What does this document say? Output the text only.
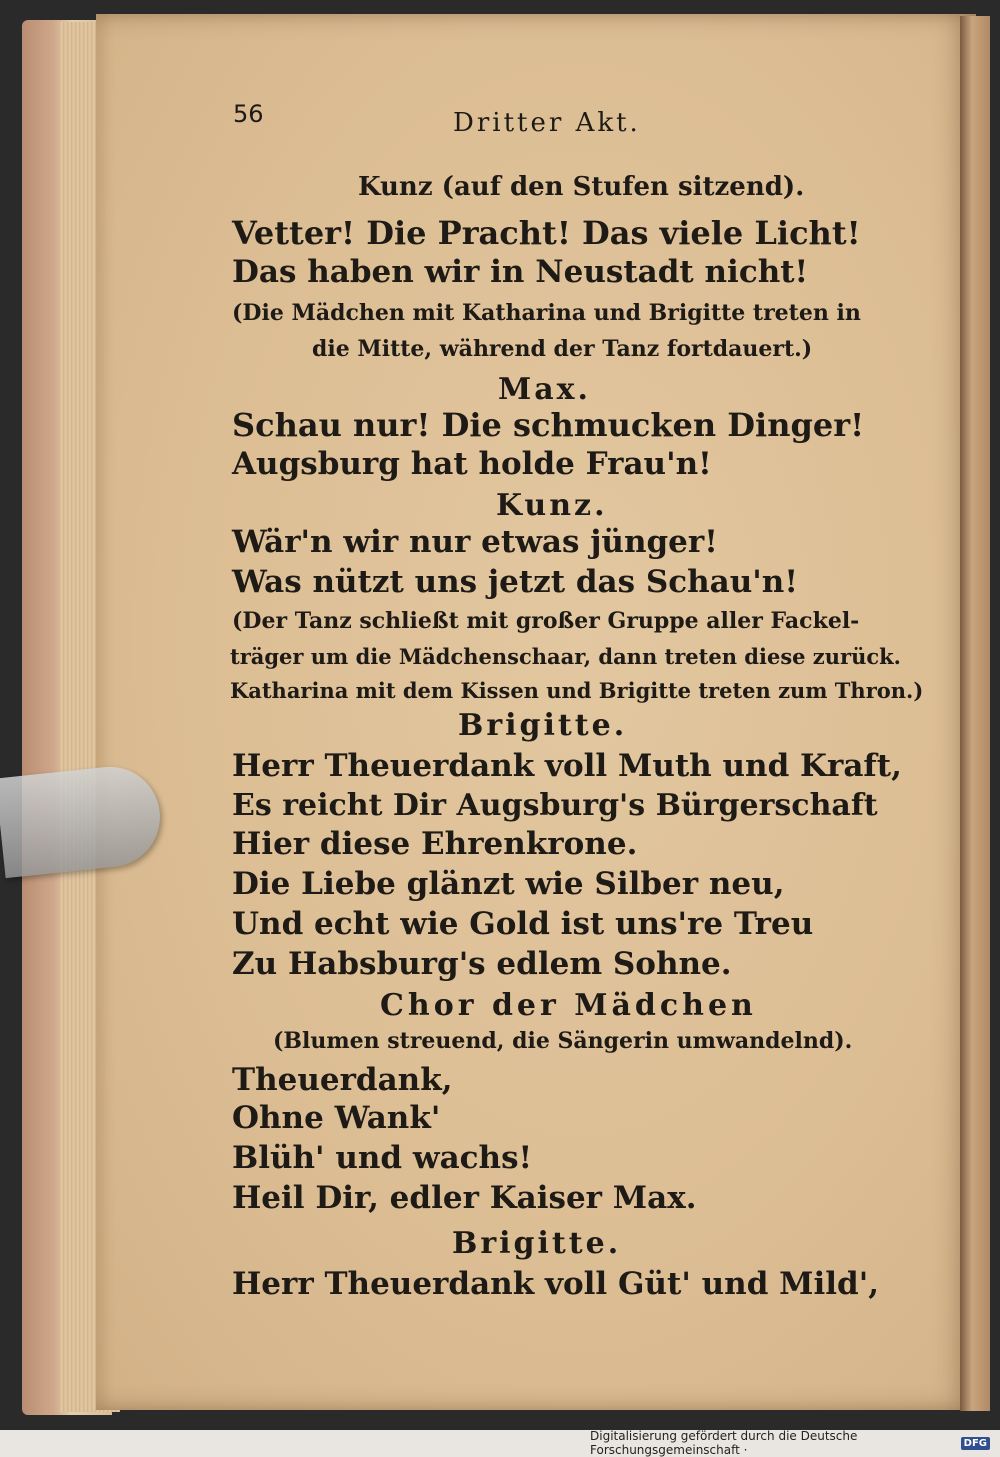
56	Dritter Akt.
Kunz (auf den Stufen sitzend).
Vetter! Die Pracht! Das viele Licht!
Das haben wir in Neustadt nicht!
(Die Mädchen mit Katharina und Brigitte treten in
die Mitte, während der Tanz fortdauert.)
Max.
Schau nur! Die schmucken Dinger!
Augsburg hat holde Frau'n!
Kunz.
Wär'n wir nur etwas jünger!
Was nützt uns jetzt das Schau'n!
(Der Tanz schließt mit großer Gruppe aller Fackel-
träger um die Mädchenschaar, dann treten diese zurück.
Katharina mit dem Kissen und Brigitte treten zum Thron.)
Brigitte.
Herr Theuerdank voll Muth und Kraft,
Es reicht Dir Augsburg's Bürgerschaft
Hier diese Ehrenkrone.
Die Liebe glänzt wie Silber neu,
Und echt wie Gold ist uns're Treu
Zu Habsburg's edlem Sohne.
Chor der Mädchen
(Blumen streuend, die Sängerin umwandelnd).
Theuerdank,
Ohne Wank'
Blüh' und wachs!
Heil Dir, edler Kaiser Max.
Brigitte.
Herr Theuerdank voll Güt' und Mild',
Digitalisierung gefördert durch die Deutsche Forschungsgemeinschaft ·	DFG
